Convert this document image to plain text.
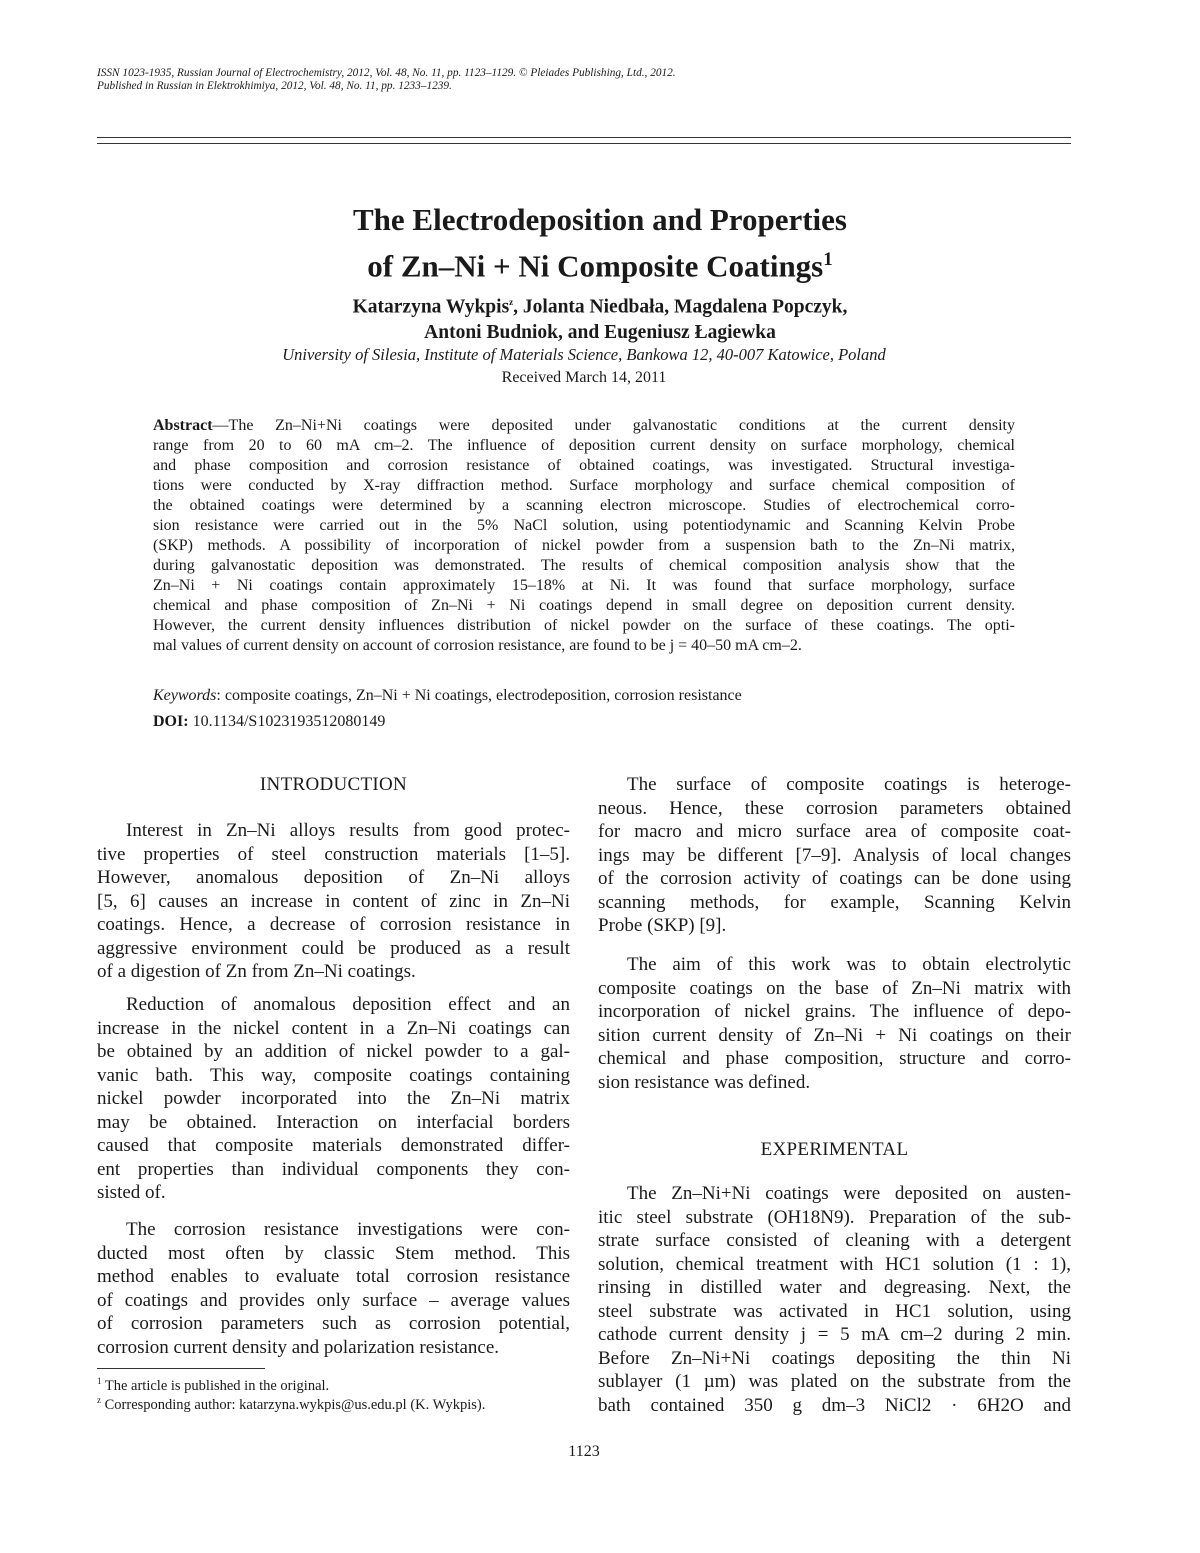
ISSN 1023-1935, Russian Journal of Electrochemistry, 2012, Vol. 48, No. 11, pp. 1123–1129. © Pleiades Publishing, Ltd., 2012.
Published in Russian in Elektrokhimiya, 2012, Vol. 48, No. 11, pp. 1233–1239.
The Electrodeposition and Properties
of Zn–Ni + Ni Composite Coatings$^1$
Katarzyna Wykpis$^z$, Jolanta Niedbała, Magdalena Popczyk,
Antoni Budniok, and Eugeniusz Łagiewka
University of Silesia, Institute of Materials Science, Bankowa 12, 40-007 Katowice, Poland
Received March 14, 2011
Abstract—The Zn–Ni+Ni coatings were deposited under galvanostatic conditions at the current density
range from 20 to 60 mA cm–2. The influence of deposition current density on surface morphology, chemical
and phase composition and corrosion resistance of obtained coatings, was investigated. Structural investiga-
tions were conducted by X-ray diffraction method. Surface morphology and surface chemical composition of
the obtained coatings were determined by a scanning electron microscope. Studies of electrochemical corro-
sion resistance were carried out in the 5% NaCl solution, using potentiodynamic and Scanning Kelvin Probe
(SKP) methods. A possibility of incorporation of nickel powder from a suspension bath to the Zn–Ni matrix,
during galvanostatic deposition was demonstrated. The results of chemical composition analysis show that the
Zn–Ni + Ni coatings contain approximately 15–18% at Ni. It was found that surface morphology, surface
chemical and phase composition of Zn–Ni + Ni coatings depend in small degree on deposition current density.
However, the current density influences distribution of nickel powder on the surface of these coatings. The opti-
mal values of current density on account of corrosion resistance, are found to be j = 40–50 mA cm–2.
Keywords: composite coatings, Zn–Ni + Ni coatings, electrodeposition, corrosion resistance
DOI: 10.1134/S1023193512080149
INTRODUCTION
Interest in Zn–Ni alloys results from good protec-
tive properties of steel construction materials [1–5].
However, anomalous deposition of Zn–Ni alloys
[5, 6] causes an increase in content of zinc in Zn–Ni
coatings. Hence, a decrease of corrosion resistance in
aggressive environment could be produced as a result
of a digestion of Zn from Zn–Ni coatings.
Reduction of anomalous deposition effect and an
increase in the nickel content in a Zn–Ni coatings can
be obtained by an addition of nickel powder to a gal-
vanic bath. This way, composite coatings containing
nickel powder incorporated into the Zn–Ni matrix
may be obtained. Interaction on interfacial borders
caused that composite materials demonstrated differ-
ent properties than individual components they con-
sisted of.
The corrosion resistance investigations were con-
ducted most often by classic Stem method. This
method enables to evaluate total corrosion resistance
of coatings and provides only surface – average values
of corrosion parameters such as corrosion potential,
corrosion current density and polarization resistance.
$^1$ The article is published in the original.
$^z$ Corresponding author: katarzyna.wykpis@us.edu.pl (K. Wykpis).
The surface of composite coatings is heteroge-
neous. Hence, these corrosion parameters obtained
for macro and micro surface area of composite coat-
ings may be different [7–9]. Analysis of local changes
of the corrosion activity of coatings can be done using
scanning methods, for example, Scanning Kelvin
Probe (SKP) [9].
The aim of this work was to obtain electrolytic
composite coatings on the base of Zn–Ni matrix with
incorporation of nickel grains. The influence of depo-
sition current density of Zn–Ni + Ni coatings on their
chemical and phase composition, structure and corro-
sion resistance was defined.
EXPERIMENTAL
The Zn–Ni+Ni coatings were deposited on austen-
itic steel substrate (OH18N9). Preparation of the sub-
strate surface consisted of cleaning with a detergent
solution, chemical treatment with HC1 solution (1 : 1),
rinsing in distilled water and degreasing. Next, the
steel substrate was activated in HC1 solution, using
cathode current density j = 5 mA cm–2 during 2 min.
Before Zn–Ni+Ni coatings depositing the thin Ni
sublayer (1 µm) was plated on the substrate from the
bath contained 350 g dm–3 NiCl2 · 6H2O and
1123
